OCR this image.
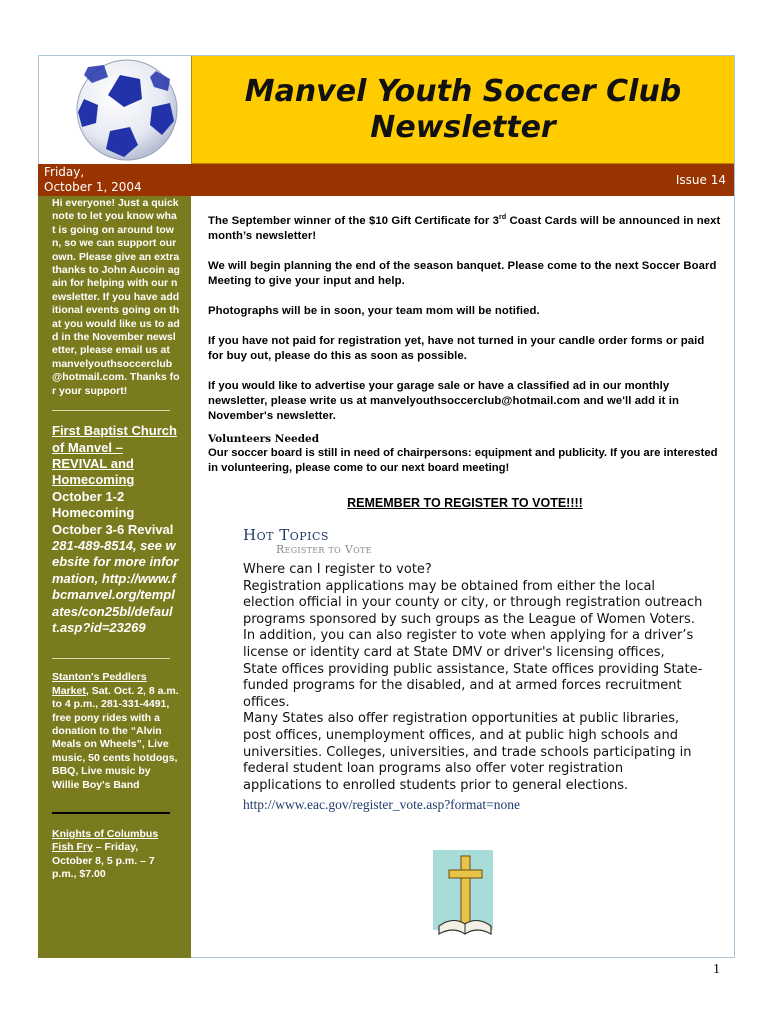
Manvel Youth Soccer Club
Newsletter
Friday,
October 1, 2004	Issue 14
Hi everyone! Just a quick note to let you know what is going on around town, so we can support our own. Please give an extra thanks to John Aucoin again for helping with our newsletter. If you have additional events going on that you would like us to add in the November newsletter, please email us at manvelyouthsoccerclub@hotmail.com. Thanks for your support!
First Baptist Church of Manvel – REVIVAL and Homecoming
October 1-2 Homecoming October 3-6 Revival
281-489-8514, see website for more information, http://www.fbcmanvel.org/templates/con25bl/default.asp?id=23269
Stanton's Peddlers Market, Sat. Oct. 2, 8 a.m. to 4 p.m., 281-331-4491, free pony rides with a donation to the “Alvin Meals on Wheels”, Live music, 50 cents hotdogs, BBQ, Live music by Willie Boy's Band
Knights of Columbus Fish Fry – Friday, October 8, 5 p.m. – 7 p.m., $7.00

The September winner of the $10 Gift Certificate for 3rd Coast Cards will be announced in next month’s newsletter!

We will begin planning the end of the season banquet. Please come to the next Soccer Board Meeting to give your input and help.

Photographs will be in soon, your team mom will be notified.

If you have not paid for registration yet, have not turned in your candle order forms or paid for buy out, please do this as soon as possible.

If you would like to advertise your garage sale or have a classified ad in our monthly newsletter, please write us at manvelyouthsoccerclub@hotmail.com and we'll add it in November's newsletter.

Volunteers Needed
Our soccer board is still in need of chairpersons: equipment and publicity. If you are interested in volunteering, please come to our next board meeting!
REMEMBER TO REGISTER TO VOTE!!!!
Hot Topics
Register to Vote
Where can I register to vote?
Registration applications may be obtained from either the local election official in your county or city, or through registration outreach programs sponsored by such groups as the League of Women Voters. In addition, you can also register to vote when applying for a driver’s license or identity card at State DMV or driver's licensing offices, State offices providing public assistance, State offices providing State-funded programs for the disabled, and at armed forces recruitment offices.
Many States also offer registration opportunities at public libraries, post offices, unemployment offices, and at public high schools and universities. Colleges, universities, and trade schools participating in federal student loan programs also offer voter registration applications to enrolled students prior to general elections.
http://www.eac.gov/register_vote.asp?format=none
1
